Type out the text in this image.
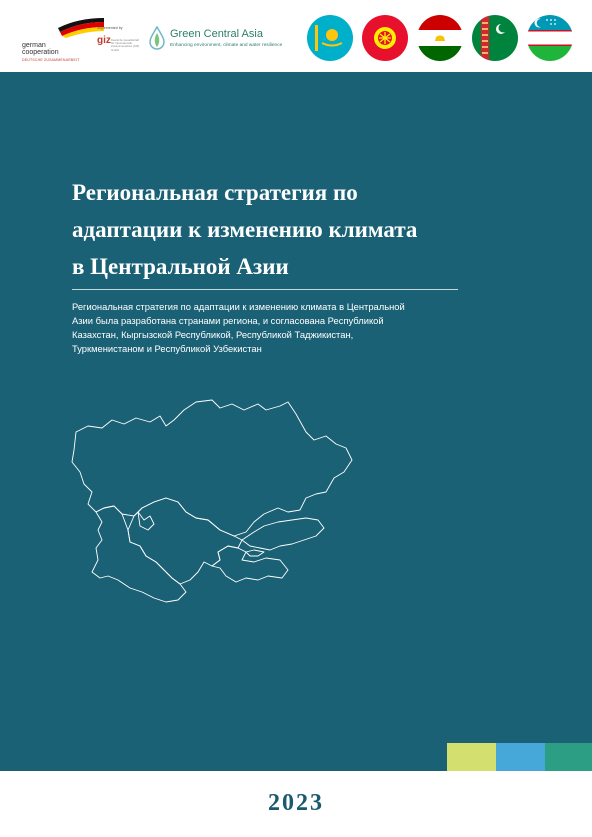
german
cooperation
DEUTSCHE ZUSAMMENARBEIT
Implemented by
giz Deutsche Gesellschaft für Internationale Zusammenarbeit (GIZ) GmbH
Green Central Asia
Enhancing environment, climate and water resilience
Региональная стратегия по
адаптации к изменению климата
в Центральной Азии

Региональная стратегия по адаптации к изменению климата в Центральной
Азии была разработана странами региона, и согласована Республикой
Казахстан, Кыргызской Республикой, Республикой Таджикистан,
Туркменистаном и Республикой Узбекистан

2023
